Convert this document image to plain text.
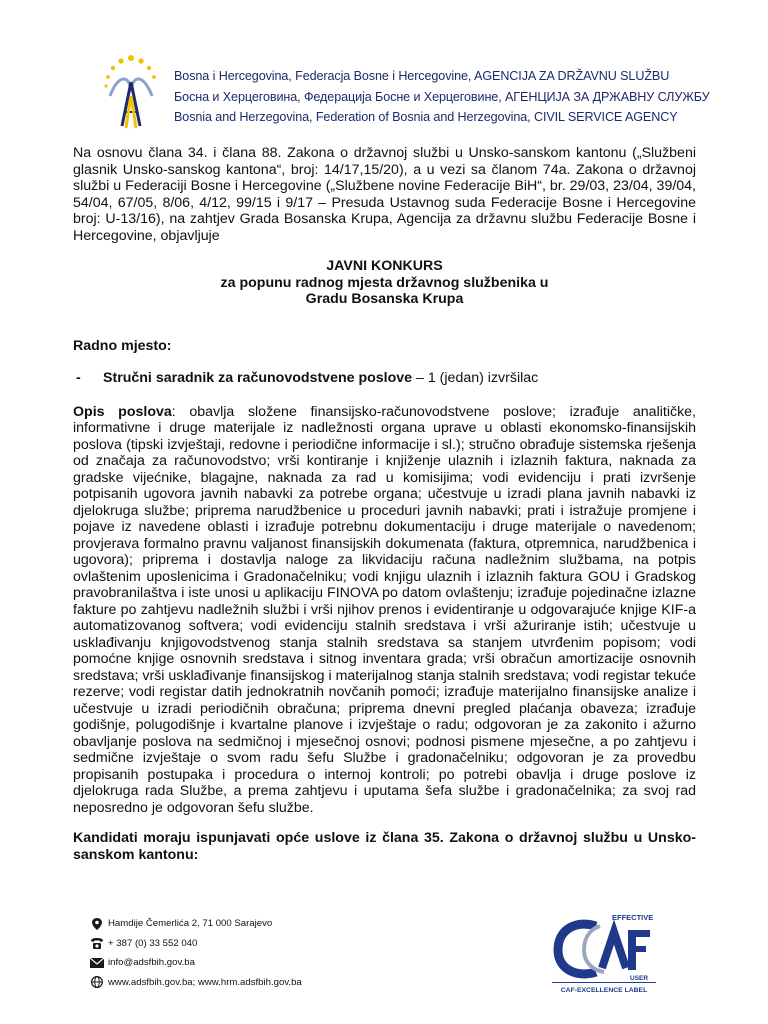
Bosna i Hercegovina, Federacja Bosne i Hercegovine, AGENCIJA ZA DRŽAVNU SLUŽBU
Босна и Херцеговина, Федерација Босне и Херцеговине, АГЕНЦИЈА ЗА ДРЖАВНУ СЛУЖБУ
Bosnia and Herzegovina, Federation of Bosnia and Herzegovina, CIVIL SERVICE AGENCY

Na osnovu člana 34. i člana 88. Zakona o državnoj službi u Unsko-sanskom kantonu („Službeni glasnik Unsko-sanskog kantona“, broj: 14/17,15/20), a u vezi sa članom 74a. Zakona o državnoj službi u Federaciji Bosne i Hercegovine („Službene novine Federacije BiH“, br. 29/03, 23/04, 39/04, 54/04, 67/05, 8/06, 4/12, 99/15 i 9/17 – Presuda Ustavnog suda Federacije Bosne i Hercegovine broj: U-13/16), na zahtjev Grada Bosanska Krupa, Agencija za državnu službu Federacije Bosne i Hercegovine, objavljuje

JAVNI KONKURS
za popunu radnog mjesta državnog službenika u
Gradu Bosanska Krupa
Radno mjesto:
-	Stručni saradnik za računovodstvene poslove – 1 (jedan) izvršilac

Opis poslova: obavlja složene finansijsko-računovodstvene poslove; izrađuje analitičke, informativne i druge materijale iz nadležnosti organa uprave u oblasti ekonomsko-finansijskih poslova (tipski izvještaji, redovne i periodične informacije i sl.); stručno obrađuje sistemska rješenja od značaja za računovodstvo; vrši kontiranje i knjiženje ulaznih i izlaznih faktura, naknada za gradske vijećnike, blagajne, naknada za rad u komisijima; vodi evidenciju i prati izvršenje potpisanih ugovora javnih nabavki za potrebe organa; učestvuje u izradi plana javnih nabavki iz djelokruga službe; priprema narudžbenice u proceduri javnih nabavki; prati i istražuje promjene i pojave iz navedene oblasti i izrađuje potrebnu dokumentaciju i druge materijale o navedenom; provjerava formalno pravnu valjanost finansijskih dokumenata (faktura, otpremnica, narudžbenica i ugovora); priprema i dostavlja naloge za likvidaciju računa nadležnim službama, na potpis ovlaštenim uposlenicima i Gradonačelniku; vodi knjigu ulaznih i izlaznih faktura GOU i Gradskog pravobranilaštva i iste unosi u aplikaciju FINOVA po datom ovlaštenju; izrađuje pojedinačne izlazne fakture po zahtjevu nadležnih službi i vrši njihov prenos i evidentiranje u odgovarajuće knjige KIF-a automatizovanog softvera; vodi evidenciju stalnih sredstava i vrši ažuriranje istih; učestvuje u usklađivanju knjigovodstvenog stanja stalnih sredstava sa stanjem utvrđenim popisom; vodi pomoćne knjige osnovnih sredstava i sitnog inventara grada; vrši obračun amortizacije osnovnih sredstava; vrši usklađivanje finansijskog i materijalnog stanja stalnih sredstava; vodi registar tekuće rezerve; vodi registar datih jednokratnih novčanih pomoći; izrađuje materijalno finansijske analize i učestvuje u izradi periodičnih obračuna; priprema dnevni pregled plaćanja obaveza; izrađuje godišnje, polugodišnje i kvartalne planove i izvještaje o radu; odgovoran je za zakonito i ažurno obavljanje poslova na sedmičnoj i mjesečnoj osnovi; podnosi pismene mjesečne, a po zahtjevu i sedmične izvještaje o svom radu šefu Službe i gradonačelniku; odgovoran je za provedbu propisanih postupaka i procedura o internoj kontroli; po potrebi obavlja i druge poslove iz djelokruga rada Službe, a prema zahtjevu i uputama šefa službe i gradonačelnika; za svoj rad neposredno je odgovoran šefu službe.

Kandidati moraju ispunjavati opće uslove iz člana 35. Zakona o državnoj službu u Unsko-sanskom kantonu:

Hamdije Čemerlića 2, 71 000 Sarajevo
+ 387 (0) 33 552 040
info@adsfbih.gov.ba
www.adsfbih.gov.ba; www.hrm.adsfbih.gov.ba
EFFECTIVE
USER
CAF-EXCELLENCE LABEL
